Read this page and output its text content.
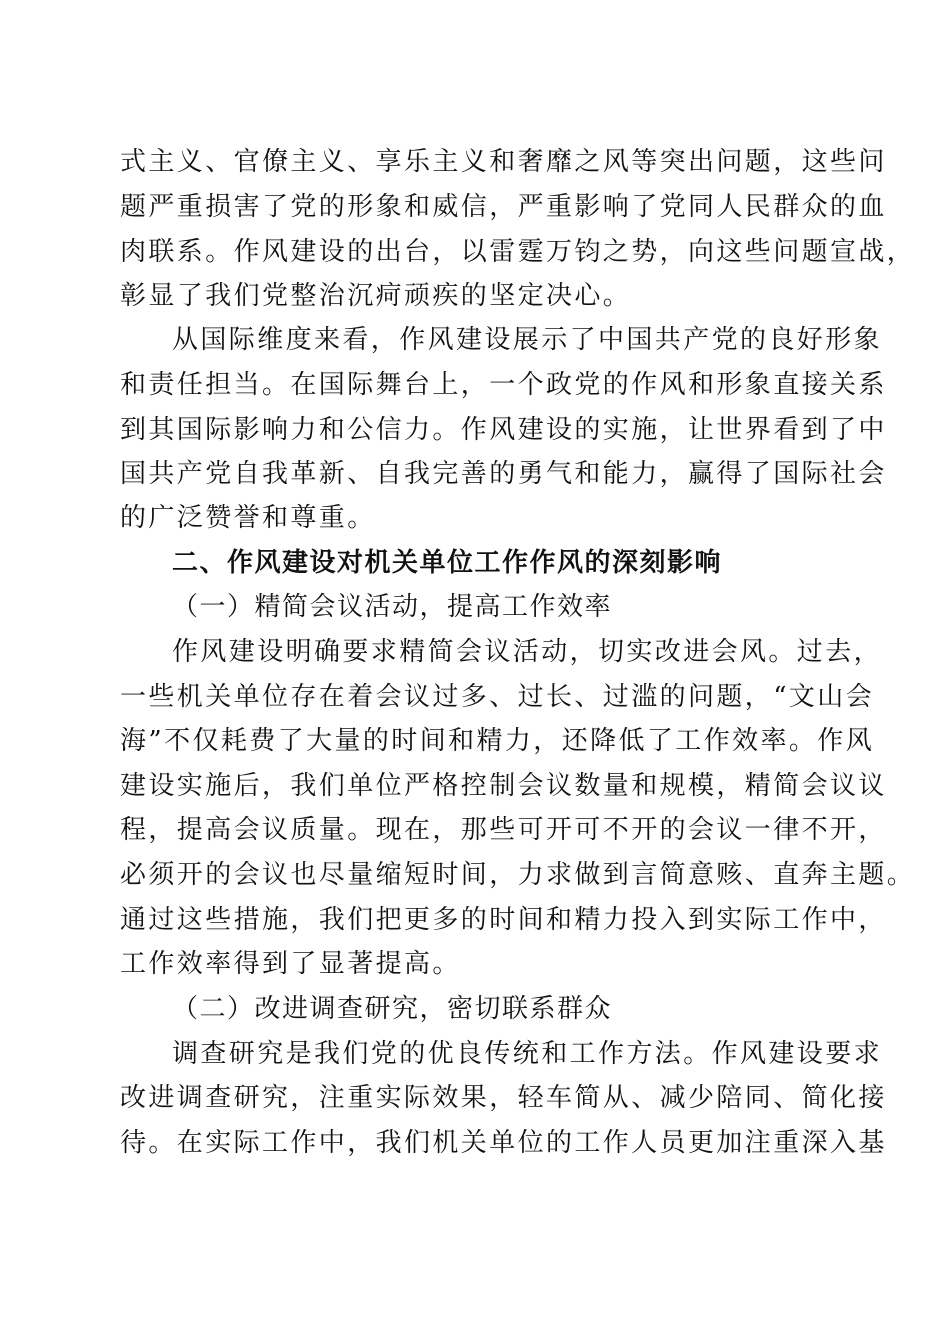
式主义、官僚主义、享乐主义和奢靡之风等突出问题，这些问
题严重损害了党的形象和威信，严重影响了党同人民群众的血
肉联系。作风建设的出台，以雷霆万钧之势，向这些问题宣战，
彰显了我们党整治沉疴顽疾的坚定决心。
从国际维度来看，作风建设展示了中国共产党的良好形象
和责任担当。在国际舞台上，一个政党的作风和形象直接关系
到其国际影响力和公信力。作风建设的实施，让世界看到了中
国共产党自我革新、自我完善的勇气和能力，赢得了国际社会
的广泛赞誉和尊重。
二、作风建设对机关单位工作作风的深刻影响
（一）精简会议活动，提高工作效率
作风建设明确要求精简会议活动，切实改进会风。过去，
一些机关单位存在着会议过多、过长、过滥的问题，“文山会
海”不仅耗费了大量的时间和精力，还降低了工作效率。作风
建设实施后，我们单位严格控制会议数量和规模，精简会议议
程，提高会议质量。现在，那些可开可不开的会议一律不开，
必须开的会议也尽量缩短时间，力求做到言简意赅、直奔主题。
通过这些措施，我们把更多的时间和精力投入到实际工作中，
工作效率得到了显著提高。
（二）改进调查研究，密切联系群众
调查研究是我们党的优良传统和工作方法。作风建设要求
改进调查研究，注重实际效果，轻车简从、减少陪同、简化接
待。在实际工作中，我们机关单位的工作人员更加注重深入基
